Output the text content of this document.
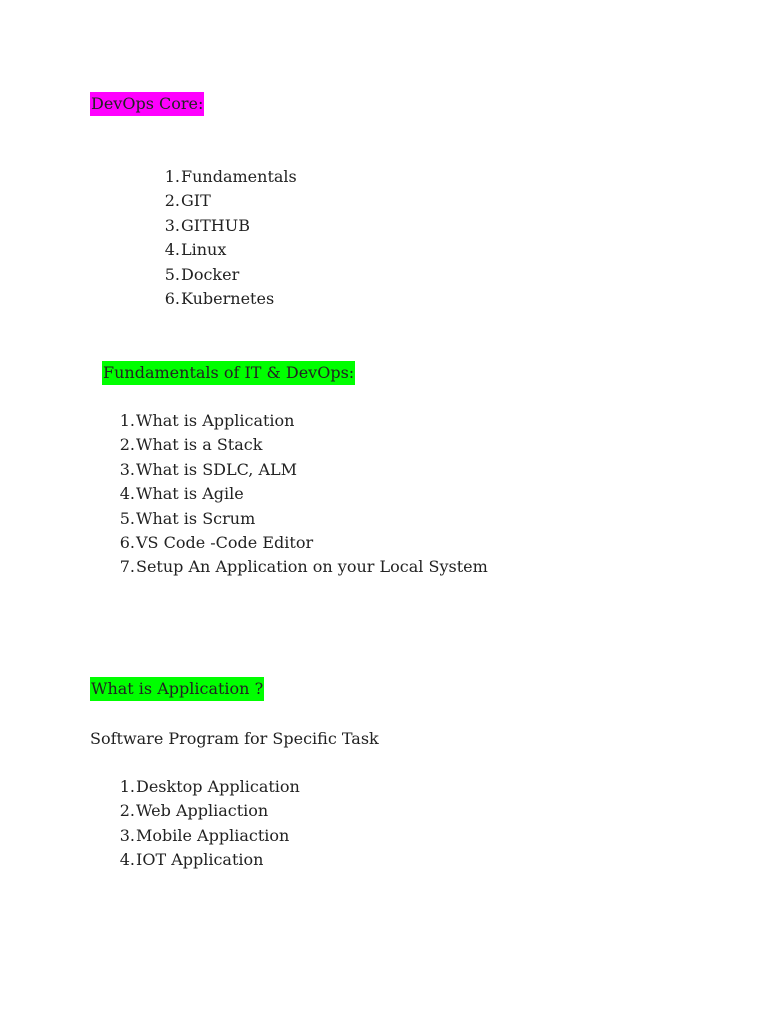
DevOps Core:
1. Fundamentals
2. GIT
3. GITHUB
4. Linux
5. Docker
6. Kubernetes
Fundamentals of IT & DevOps:
1. What is Application
2. What is a Stack
3. What is SDLC, ALM
4. What is Agile
5. What is Scrum
6. VS Code -Code Editor
7. Setup An Application on your Local System
What is Application ?
Software Program for Specific Task
1. Desktop Application
2. Web Appliaction
3. Mobile Appliaction
4. IOT Application
